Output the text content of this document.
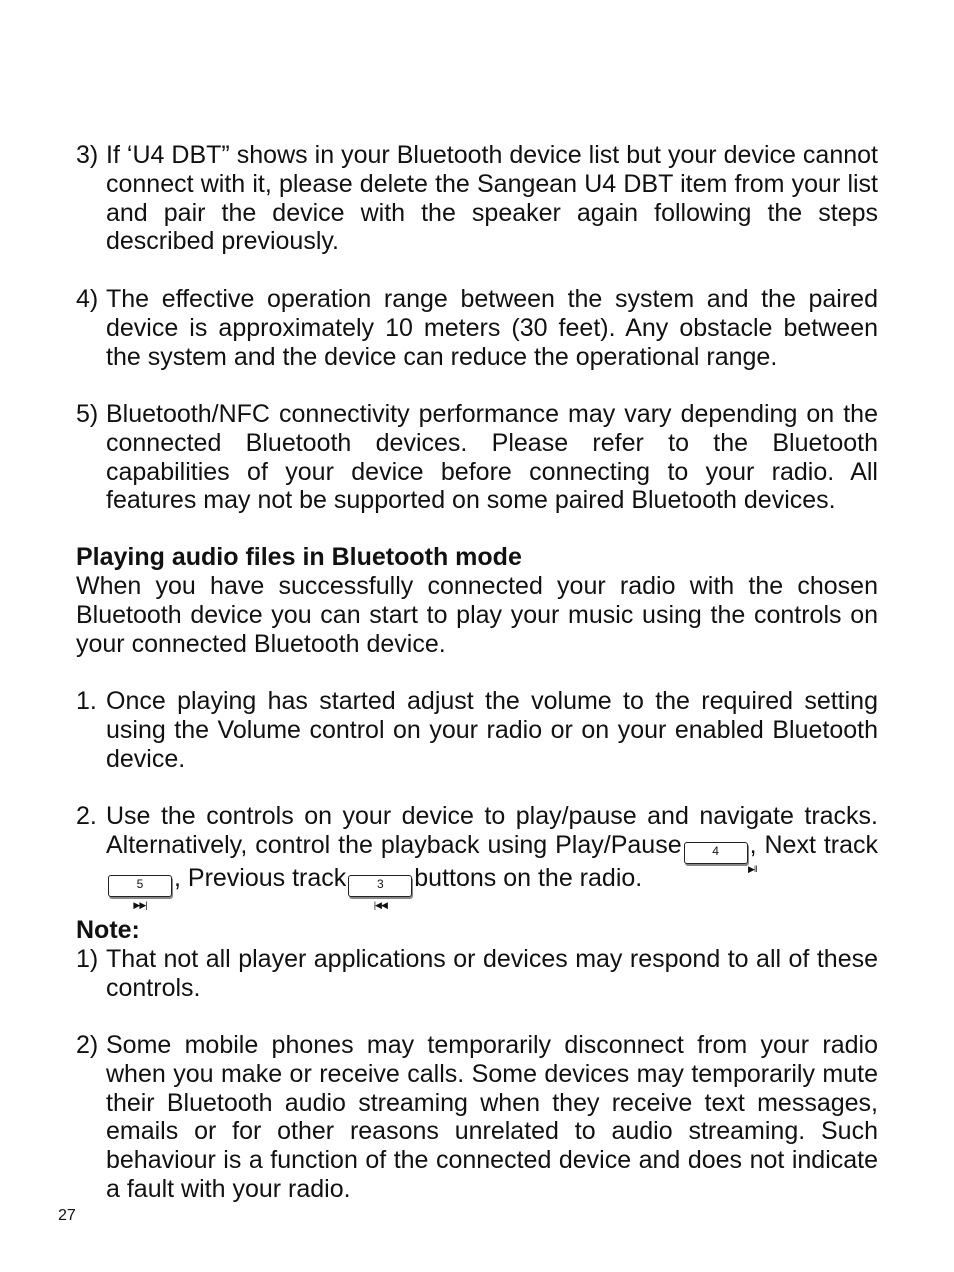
3) If ‘U4 DBT” shows in your Bluetooth device list but your device cannot connect with it, please delete the Sangean U4 DBT item from your list and pair the device with the speaker again following the steps described previously.
4) The effective operation range between the system and the paired device is approximately 10 meters (30 feet). Any obstacle between the system and the device can reduce the operational range.
5) Bluetooth/NFC connectivity performance may vary depending on the connected Bluetooth devices. Please refer to the Bluetooth capabilities of your device before connecting to your radio. All features may not be supported on some paired Bluetooth devices.
Playing audio files in Bluetooth mode
When you have successfully connected your radio with the chosen Bluetooth device you can start to play your music using the controls on your connected Bluetooth device.
1. Once playing has started adjust the volume to the required setting using the Volume control on your radio or on your enabled Bluetooth device.
2. Use the controls on your device to play/pause and navigate tracks. Alternatively, control the playback using Play/Pause	4
▶‖
, Next track
5
▶▶|
, Previous track	3
|◀◀
buttons on the radio.
Note:
1) That not all player applications or devices may respond to all of these controls.
2) Some mobile phones may temporarily disconnect from your radio when you make or receive calls. Some devices may temporarily mute their Bluetooth audio streaming when they receive text messages, emails or for other reasons unrelated to audio streaming. Such behaviour is a function of the connected device and does not indicate a fault with your radio.
27
